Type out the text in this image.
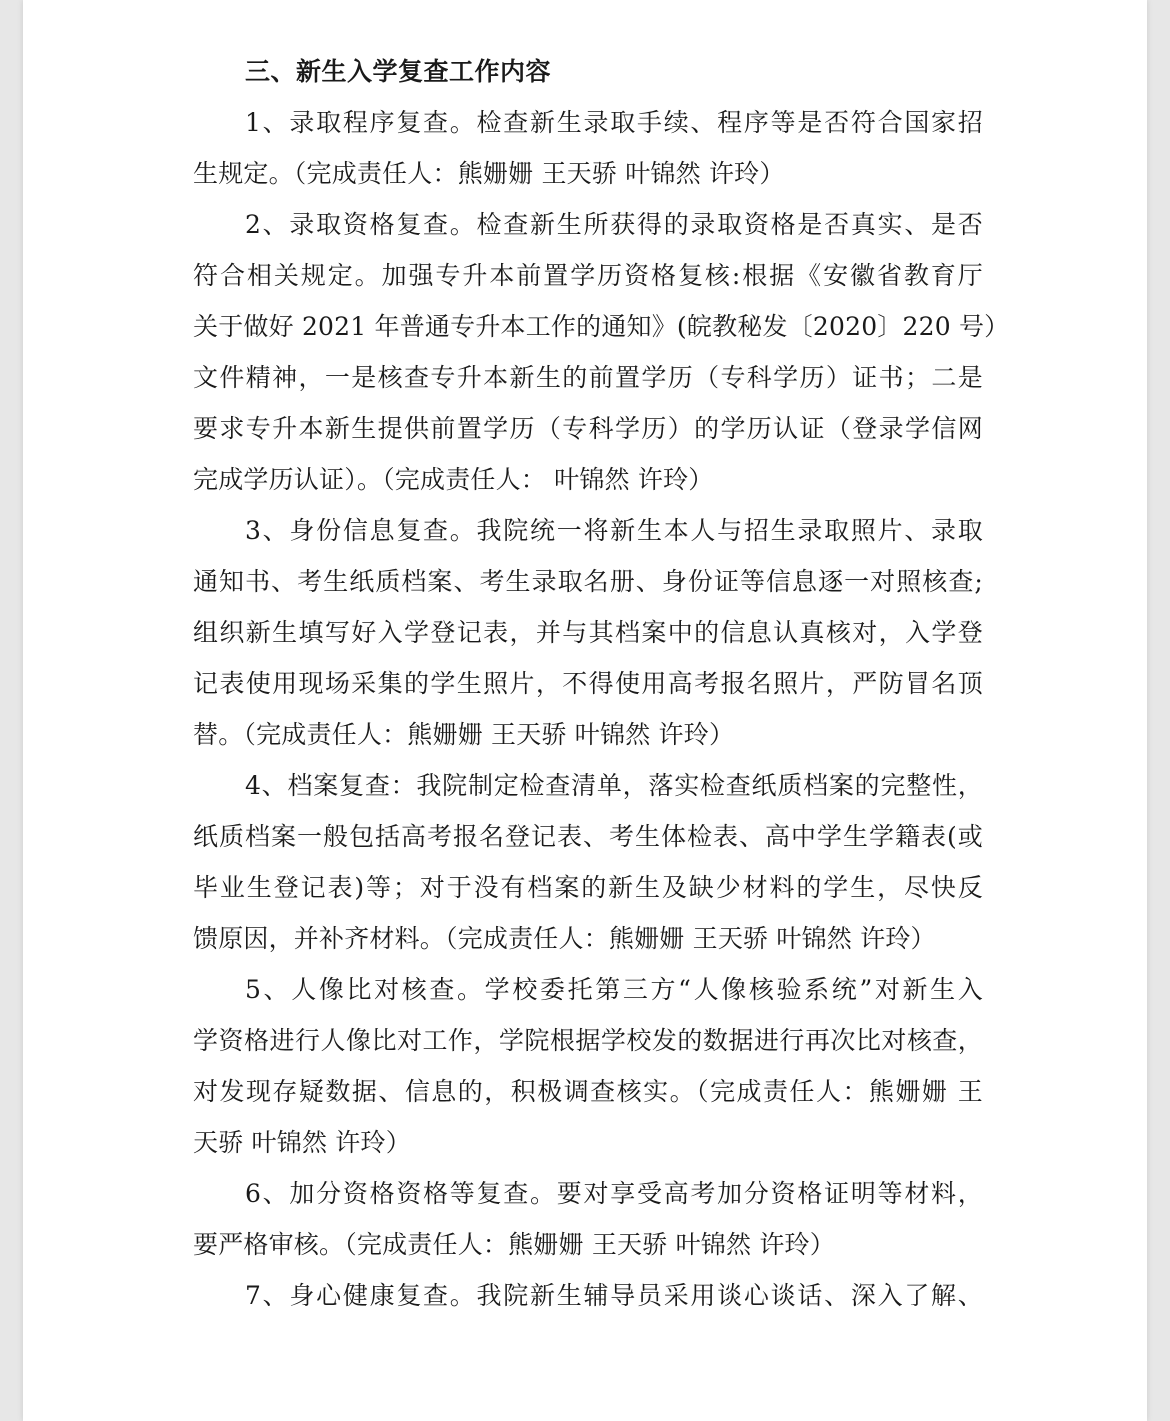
三、新生入学复查工作内容

1、录取程序复查。检查新生录取手续、程序等是否符合国家招
生规定。（完成责任人：熊姗姗 王天骄 叶锦然 许玲）

2、录取资格复查。检查新生所获得的录取资格是否真实、是否
符合相关规定。加强专升本前置学历资格复核:根据《安徽省教育厅
关于做好 2021 年普通专升本工作的通知》(皖教秘发〔2020〕220 号）
文件精神，一是核查专升本新生的前置学历（专科学历）证书；二是
要求专升本新生提供前置学历（专科学历）的学历认证（登录学信网
完成学历认证）。（完成责任人： 叶锦然 许玲）

3、身份信息复查。我院统一将新生本人与招生录取照片、录取
通知书、考生纸质档案、考生录取名册、身份证等信息逐一对照核查;
组织新生填写好入学登记表，并与其档案中的信息认真核对，入学登
记表使用现场采集的学生照片，不得使用高考报名照片，严防冒名顶
替。（完成责任人：熊姗姗 王天骄 叶锦然 许玲）

4、档案复查：我院制定检查清单，落实检查纸质档案的完整性，
纸质档案一般包括高考报名登记表、考生体检表、高中学生学籍表(或
毕业生登记表)等；对于没有档案的新生及缺少材料的学生，尽快反
馈原因，并补齐材料。（完成责任人：熊姗姗 王天骄 叶锦然 许玲）

5、人像比对核查。学校委托第三方“人像核验系统”对新生入
学资格进行人像比对工作，学院根据学校发的数据进行再次比对核查，
对发现存疑数据、信息的，积极调查核实。（完成责任人：熊姗姗 王
天骄 叶锦然 许玲）

6、加分资格资格等复查。要对享受高考加分资格证明等材料，
要严格审核。（完成责任人：熊姗姗 王天骄 叶锦然 许玲）

7、身心健康复查。我院新生辅导员采用谈心谈话、深入了解、
